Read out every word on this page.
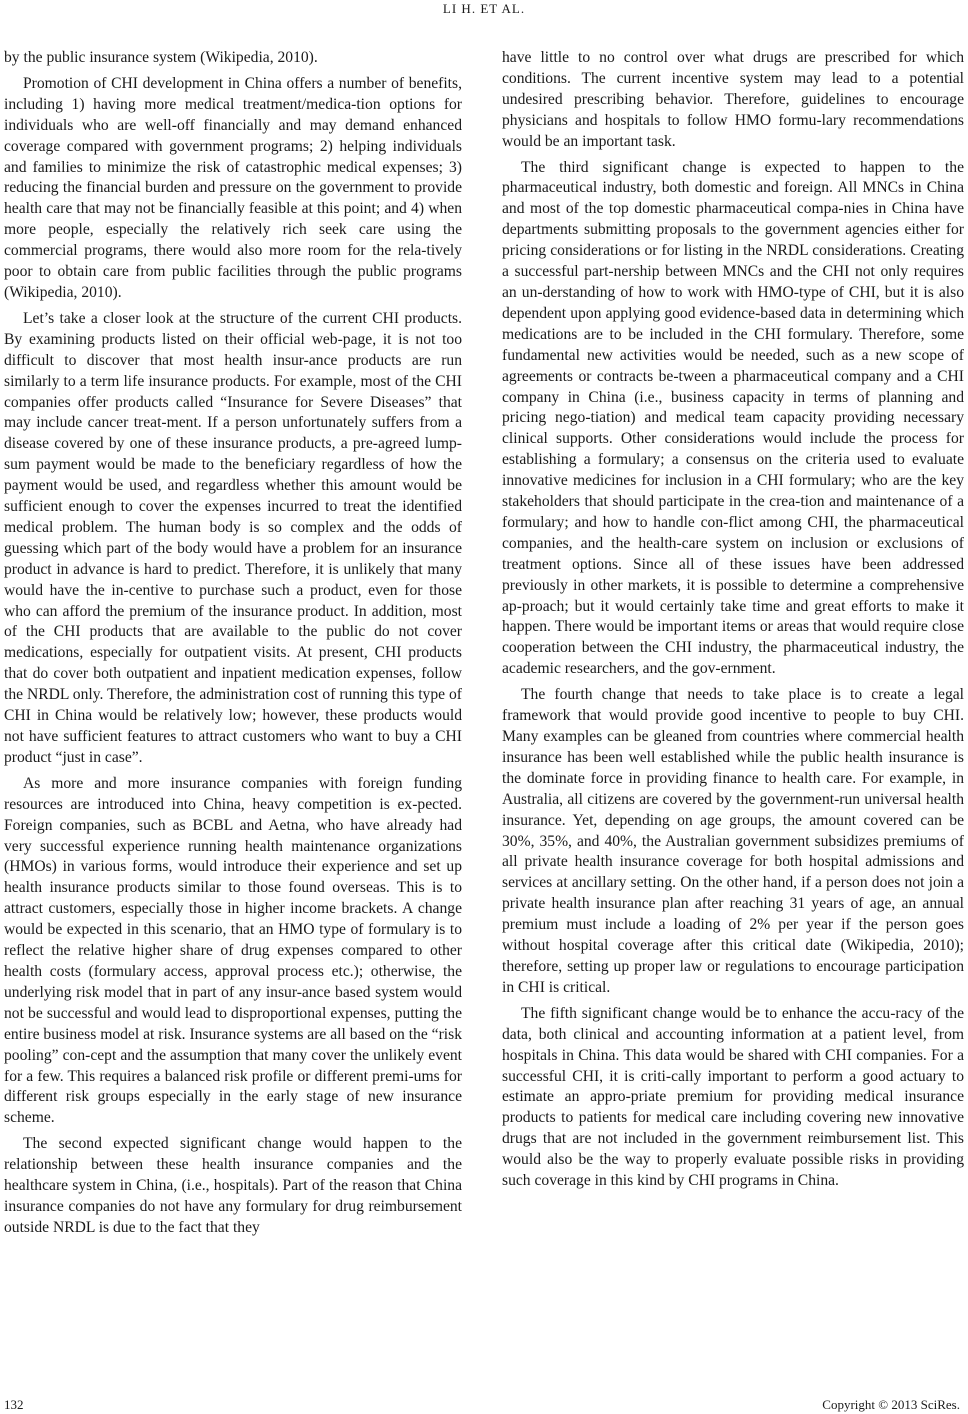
LI H. ET AL.

by the public insurance system (Wikipedia, 2010).

Promotion of CHI development in China offers a number of benefits, including 1) having more medical treatment/medica-tion options for individuals who are well-off financially and may demand enhanced coverage compared with government programs; 2) helping individuals and families to minimize the risk of catastrophic medical expenses; 3) reducing the financial burden and pressure on the government to provide health care that may not be financially feasible at this point; and 4) when more people, especially the relatively rich seek care using the commercial programs, there would also more room for the rela-tively poor to obtain care from public facilities through the public programs (Wikipedia, 2010).

Let’s take a closer look at the structure of the current CHI products. By examining products listed on their official web-page, it is not too difficult to discover that most health insur-ance products are run similarly to a term life insurance products. For example, most of the CHI companies offer products called “Insurance for Severe Diseases” that may include cancer treat-ment. If a person unfortunately suffers from a disease covered by one of these insurance products, a pre-agreed lump-sum payment would be made to the beneficiary regardless of how the payment would be used, and regardless whether this amount would be sufficient enough to cover the expenses incurred to treat the identified medical problem. The human body is so complex and the odds of guessing which part of the body would have a problem for an insurance product in advance is hard to predict. Therefore, it is unlikely that many would have the in-centive to purchase such a product, even for those who can afford the premium of the insurance product. In addition, most of the CHI products that are available to the public do not cover medications, especially for outpatient visits. At present, CHI products that do cover both outpatient and inpatient medication expenses, follow the NRDL only. Therefore, the administration cost of running this type of CHI in China would be relatively low; however, these products would not have sufficient features to attract customers who want to buy a CHI product “just in case”.

As more and more insurance companies with foreign funding resources are introduced into China, heavy competition is ex-pected. Foreign companies, such as BCBL and Aetna, who have already had very successful experience running health maintenance organizations (HMOs) in various forms, would introduce their experience and set up health insurance products similar to those found overseas. This is to attract customers, especially those in higher income brackets. A change would be expected in this scenario, that an HMO type of formulary is to reflect the relative higher share of drug expenses compared to other health costs (formulary access, approval process etc.); otherwise, the underlying risk model that in part of any insur-ance based system would not be successful and would lead to disproportional expenses, putting the entire business model at risk. Insurance systems are all based on the “risk pooling” con-cept and the assumption that many cover the unlikely event for a few. This requires a balanced risk profile or different premi-ums for different risk groups especially in the early stage of new insurance scheme.

The second expected significant change would happen to the relationship between these health insurance companies and the healthcare system in China, (i.e., hospitals). Part of the reason that China insurance companies do not have any formulary for drug reimbursement outside NRDL is due to the fact that they

have little to no control over what drugs are prescribed for which conditions. The current incentive system may lead to a potential undesired prescribing behavior. Therefore, guidelines to encourage physicians and hospitals to follow HMO formu-lary recommendations would be an important task.

The third significant change is expected to happen to the pharmaceutical industry, both domestic and foreign. All MNCs in China and most of the top domestic pharmaceutical compa-nies in China have departments submitting proposals to the government agencies either for pricing considerations or for listing in the NRDL considerations. Creating a successful part-nership between MNCs and the CHI not only requires an un-derstanding of how to work with HMO-type of CHI, but it is also dependent upon applying good evidence-based data in determining which medications are to be included in the CHI formulary. Therefore, some fundamental new activities would be needed, such as a new scope of agreements or contracts be-tween a pharmaceutical company and a CHI company in China (i.e., business capacity in terms of planning and pricing nego-tiation) and medical team capacity providing necessary clinical supports. Other considerations would include the process for establishing a formulary; a consensus on the criteria used to evaluate innovative medicines for inclusion in a CHI formulary; who are the key stakeholders that should participate in the crea-tion and maintenance of a formulary; and how to handle con-flict among CHI, the pharmaceutical companies, and the health-care system on inclusion or exclusions of treatment options. Since all of these issues have been addressed previously in other markets, it is possible to determine a comprehensive ap-proach; but it would certainly take time and great efforts to make it happen. There would be important items or areas that would require close cooperation between the CHI industry, the pharmaceutical industry, the academic researchers, and the gov-ernment.

The fourth change that needs to take place is to create a legal framework that would provide good incentive to people to buy CHI. Many examples can be gleaned from countries where commercial health insurance has been well established while the public health insurance is the dominate force in providing finance to health care. For example, in Australia, all citizens are covered by the government-run universal health insurance. Yet, depending on age groups, the amount covered can be 30%, 35%, and 40%, the Australian government subsidizes premiums of all private health insurance coverage for both hospital admissions and services at ancillary setting. On the other hand, if a person does not join a private health insurance plan after reaching 31 years of age, an annual premium must include a loading of 2% per year if the person goes without hospital coverage after this critical date (Wikipedia, 2010); therefore, setting up proper law or regulations to encourage participation in CHI is critical.

The fifth significant change would be to enhance the accu-racy of the data, both clinical and accounting information at a patient level, from hospitals in China. This data would be shared with CHI companies. For a successful CHI, it is criti-cally important to perform a good actuary to estimate an appro-priate premium for providing medical insurance products to patients for medical care including covering new innovative drugs that are not included in the government reimbursement list. This would also be the way to properly evaluate possible risks in providing such coverage in this kind by CHI programs in China.

132	Copyright © 2013 SciRes.
